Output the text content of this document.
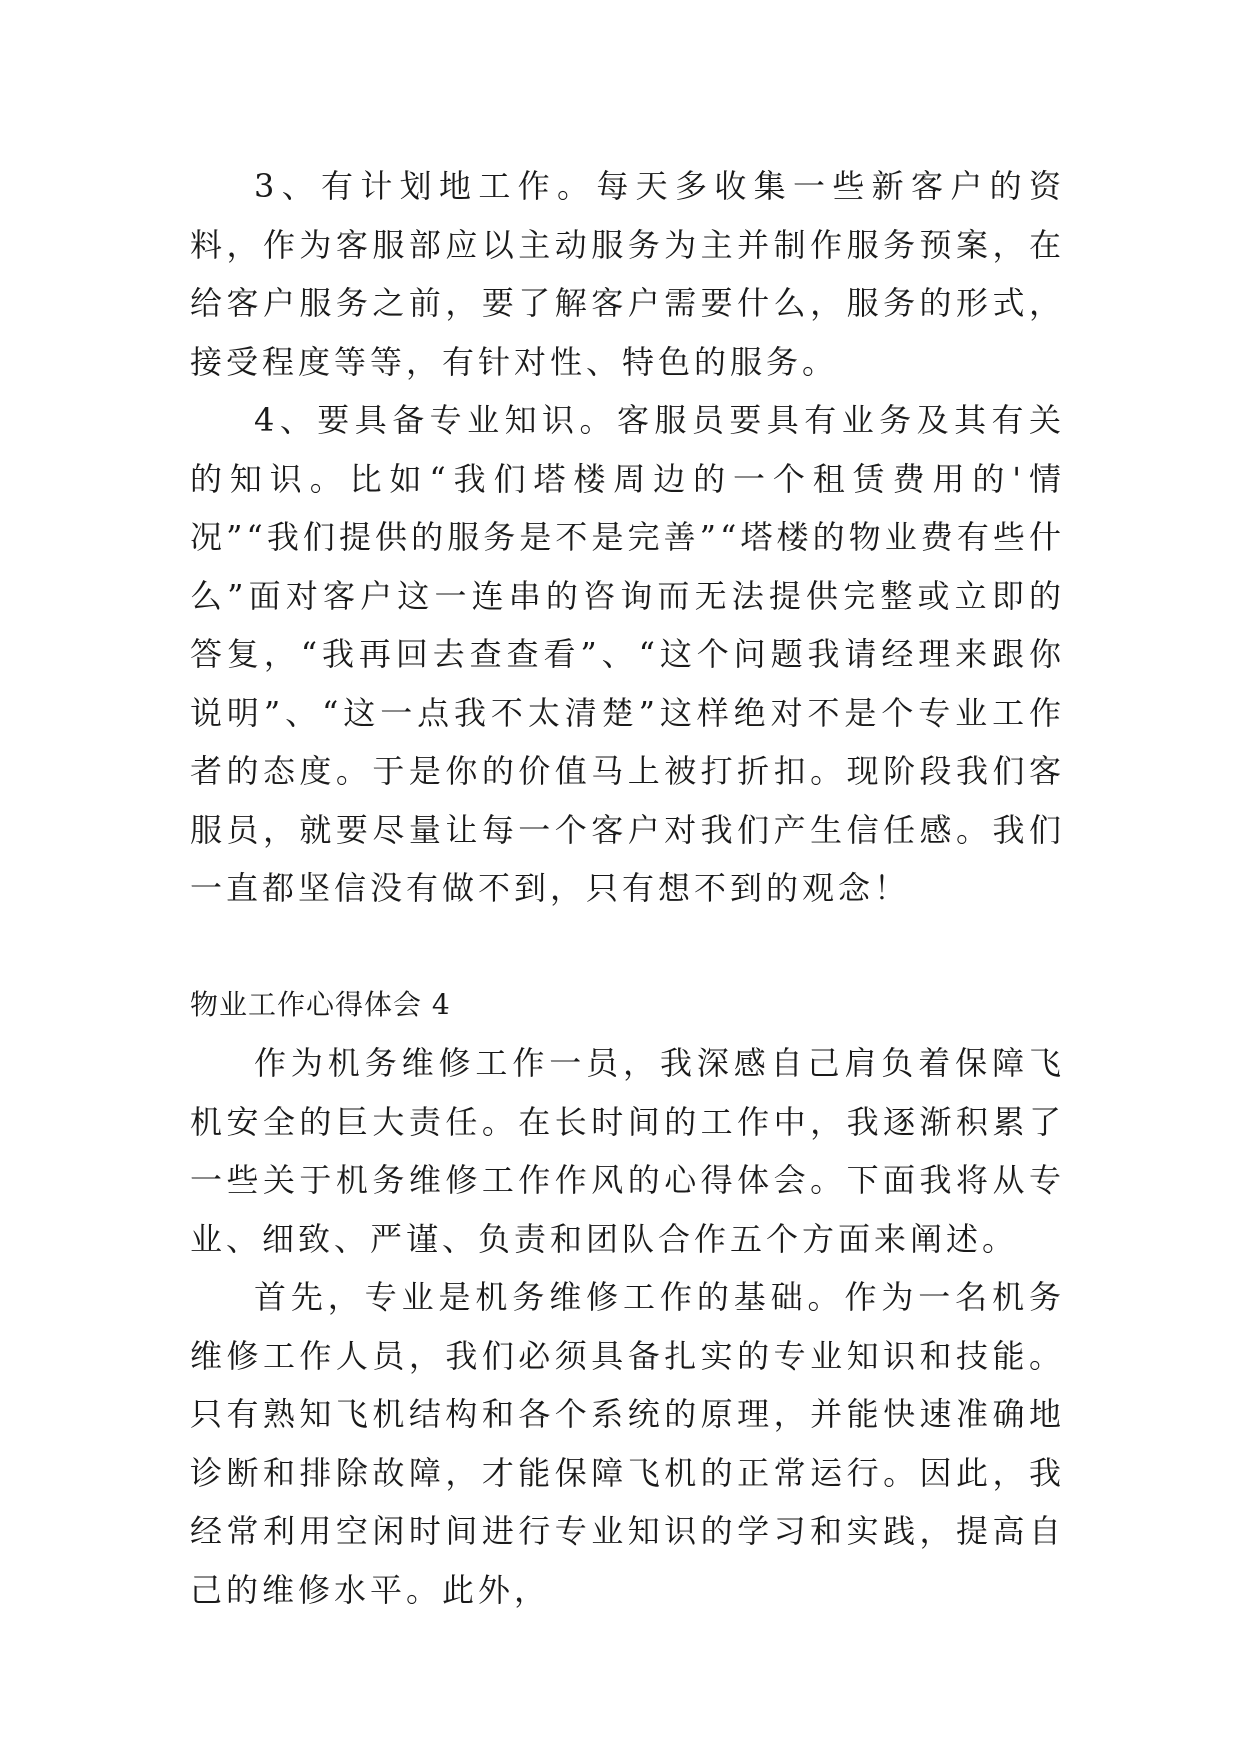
3、有计划地工作。每天多收集一些新客户的资料，作为客服部应以主动服务为主并制作服务预案，在给客户服务之前，要了解客户需要什么，服务的形式，接受程度等等，有针对性、特色的服务。

4、要具备专业知识。客服员要具有业务及其有关的知识。比如“我们塔楼周边的一个租赁费用的'情况”“我们提供的服务是不是完善”“塔楼的物业费有些什么”面对客户这一连串的咨询而无法提供完整或立即的答复，“我再回去查查看”、“这个问题我请经理来跟你说明”、“这一点我不太清楚”这样绝对不是个专业工作者的态度。于是你的价值马上被打折扣。现阶段我们客服员，就要尽量让每一个客户对我们产生信任感。我们一直都坚信没有做不到，只有想不到的观念！

物业工作心得体会 4

作为机务维修工作一员，我深感自己肩负着保障飞机安全的巨大责任。在长时间的工作中，我逐渐积累了一些关于机务维修工作作风的心得体会。下面我将从专业、细致、严谨、负责和团队合作五个方面来阐述。

首先，专业是机务维修工作的基础。作为一名机务维修工作人员，我们必须具备扎实的专业知识和技能。只有熟知飞机结构和各个系统的原理，并能快速准确地诊断和排除故障，才能保障飞机的正常运行。因此，我经常利用空闲时间进行专业知识的学习和实践，提高自己的维修水平。此外，
